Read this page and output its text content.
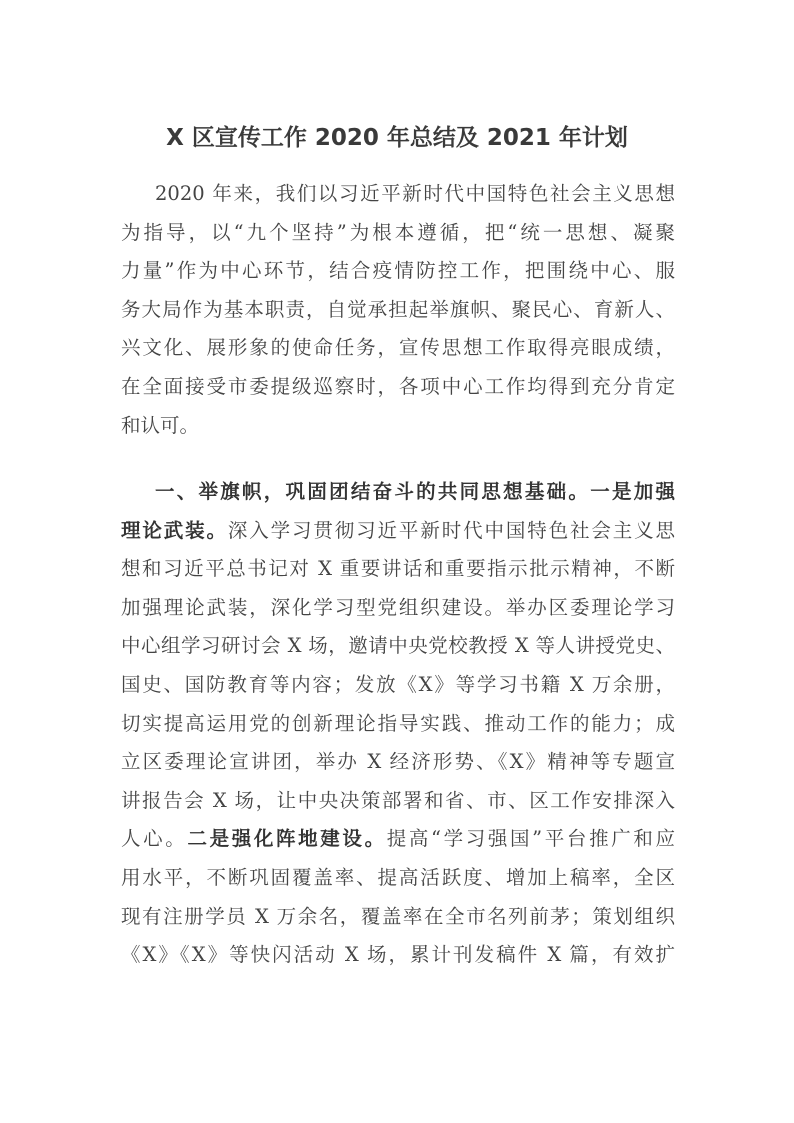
X 区宣传工作 2020 年总结及 2021 年计划
2020 年来，我们以习近平新时代中国特色社会主义思想
为指导，以“九个坚持”为根本遵循，把“统一思想、凝聚
力量”作为中心环节，结合疫情防控工作，把围绕中心、服
务大局作为基本职责，自觉承担起举旗帜、聚民心、育新人、
兴文化、展形象的使命任务，宣传思想工作取得亮眼成绩，
在全面接受市委提级巡察时，各项中心工作均得到充分肯定
和认可。
一、举旗帜，巩固团结奋斗的共同思想基础。一是加强
理论武装。深入学习贯彻习近平新时代中国特色社会主义思
想和习近平总书记对 X 重要讲话和重要指示批示精神，不断
加强理论武装，深化学习型党组织建设。举办区委理论学习
中心组学习研讨会 X 场，邀请中央党校教授 X 等人讲授党史、
国史、国防教育等内容；发放《X》等学习书籍 X 万余册，
切实提高运用党的创新理论指导实践、推动工作的能力；成
立区委理论宣讲团，举办 X 经济形势、《X》精神等专题宣
讲报告会 X 场，让中央决策部署和省、市、区工作安排深入
人心。二是强化阵地建设。提高“学习强国”平台推广和应
用水平，不断巩固覆盖率、提高活跃度、增加上稿率，全区
现有注册学员 X 万余名，覆盖率在全市名列前茅；策划组织
《X》《X》等快闪活动 X 场，累计刊发稿件 X 篇，有效扩
